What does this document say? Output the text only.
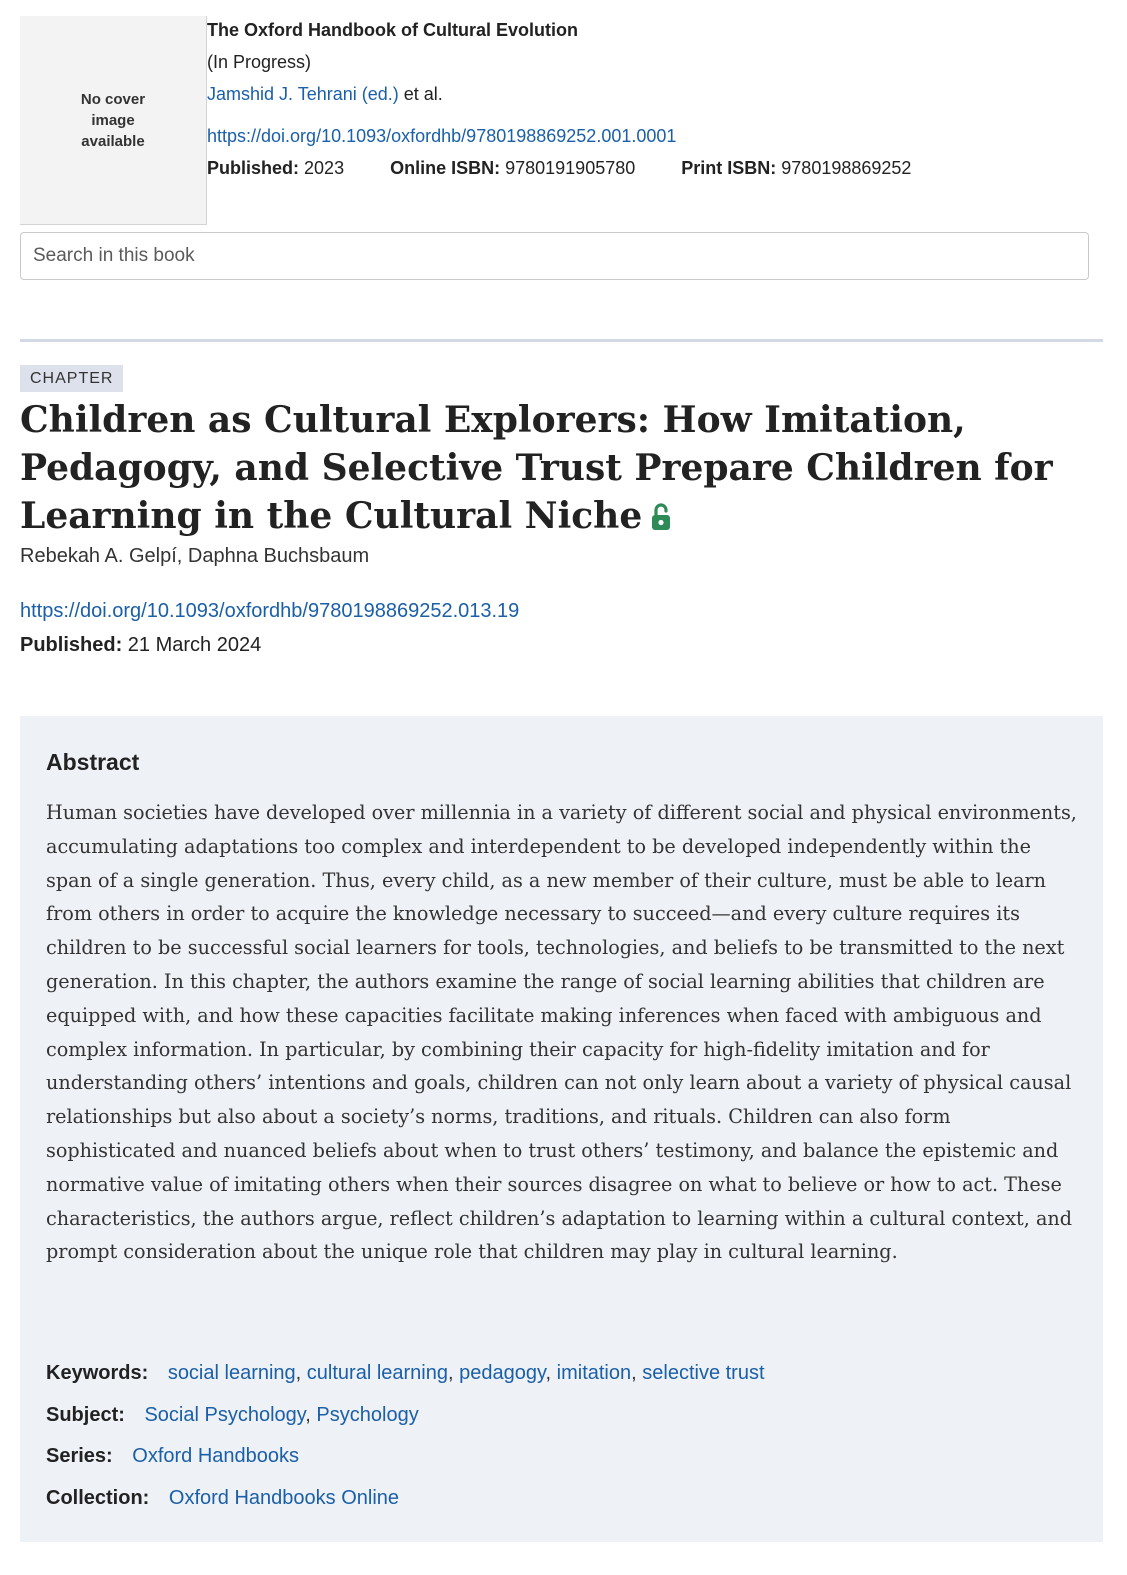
No cover image available
The Oxford Handbook of Cultural Evolution
(In Progress)
Jamshid J. Tehrani (ed.) et al.
https://doi.org/10.1093/oxfordhb/9780198869252.001.0001
Published: 2023	Online ISBN: 9780191905780	Print ISBN: 9780198869252
Search in this book
CHAPTER
Children as Cultural Explorers: How Imitation, Pedagogy, and Selective Trust Prepare Children for Learning in the Cultural Niche
Rebekah A. Gelpí, Daphna Buchsbaum
https://doi.org/10.1093/oxfordhb/9780198869252.013.19
Published: 21 March 2024
Abstract

Human societies have developed over millennia in a variety of different social and physical environments, accumulating adaptations too complex and interdependent to be developed independently within the span of a single generation. Thus, every child, as a new member of their culture, must be able to learn from others in order to acquire the knowledge necessary to succeed—and every culture requires its children to be successful social learners for tools, technologies, and beliefs to be transmitted to the next generation. In this chapter, the authors examine the range of social learning abilities that children are equipped with, and how these capacities facilitate making inferences when faced with ambiguous and complex information. In particular, by combining their capacity for high-fidelity imitation and for understanding others’ intentions and goals, children can not only learn about a variety of physical causal relationships but also about a society’s norms, traditions, and rituals. Children can also form sophisticated and nuanced beliefs about when to trust others’ testimony, and balance the epistemic and normative value of imitating others when their sources disagree on what to believe or how to act. These characteristics, the authors argue, reflect children’s adaptation to learning within a cultural context, and prompt consideration about the unique role that children may play in cultural learning.

Keywords: social learning, cultural learning, pedagogy, imitation, selective trust
Subject: Social Psychology, Psychology
Series: Oxford Handbooks
Collection: Oxford Handbooks Online
